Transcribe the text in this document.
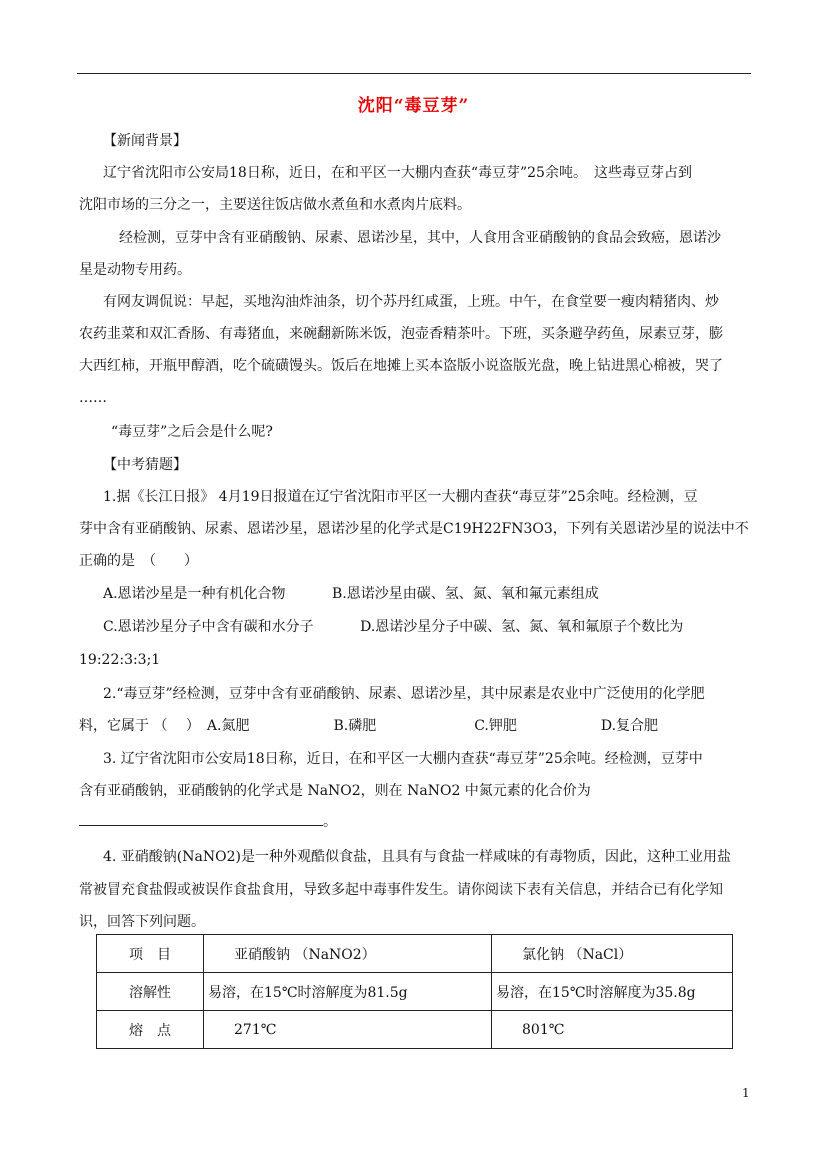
沈阳“毒豆芽”
【新闻背景】
辽宁省沈阳市公安局18日称，近日，在和平区一大棚内查获“毒豆芽”25余吨。　这些毒豆芽占到
沈阳市场的三分之一，主要送往饭店做水煮鱼和水煮肉片底料。
经检测，豆芽中含有亚硝酸钠、尿素、恩诺沙星，其中，人食用含亚硝酸钠的食品会致癌，恩诺沙
星是动物专用药。
有网友调侃说：早起，买地沟油炸油条，切个苏丹红咸蛋，上班。中午，在食堂要一瘦肉精猪肉、炒
农药韭菜和双汇香肠、有毒猪血，来碗翻新陈米饭，泡壶香精茶叶。下班，买条避孕药鱼，尿素豆芽，膨
大西红柿，开瓶甲醇酒，吃个硫磺馒头。饭后在地摊上买本盗版小说盗版光盘，晚上钻进黑心棉被，哭了
……
“毒豆芽”之后会是什么呢?
【中考猜题】
1.据《长江日报》 4月19日报道在辽宁省沈阳市平区一大棚内查获“毒豆芽”25余吨。经检测，豆
芽中含有亚硝酸钠、尿素、恩诺沙星，恩诺沙星的化学式是C19H22FN3O3，下列有关恩诺沙星的说法中不
正确的是　（　　）
A.恩诺沙星是一种有机化合物　　　 B.恩诺沙星由碳、氢、氮、氧和氟元素组成
C.恩诺沙星分子中含有碳和水分子　　　 D.恩诺沙星分子中碳、氢、氮、氧和氟原子个数比为
19:22:3:3;1
2.“毒豆芽”经检测，豆芽中含有亚硝酸钠、尿素、恩诺沙星，其中尿素是农业中广泛使用的化学肥
料，它属于 （　 ）　A.氮肥　　　　　　B.磷肥　　　　　　　C.钾肥　　　　　　D.复合肥
3. 辽宁省沈阳市公安局18日称，近日，在和平区一大棚内查获“毒豆芽”25余吨。经检测，豆芽中
含有亚硝酸钠，亚硝酸钠的化学式是 NaNO2，则在 NaNO2 中氮元素的化合价为
。
4. 亚硝酸钠(NaNO2)是一种外观酷似食盐，且具有与食盐一样咸味的有毒物质，因此，这种工业用盐
常被冒充食盐假或被误作食盐食用，导致多起中毒事件发生。请你阅读下表有关信息，并结合已有化学知
识，回答下列问题。
项　目	亚硝酸钠 （NaNO2）	氯化钠 （NaCl）
溶解性	易溶，在15℃时溶解度为81.5g	易溶，在15℃时溶解度为35.8g
熔　点	271℃	801℃
1
